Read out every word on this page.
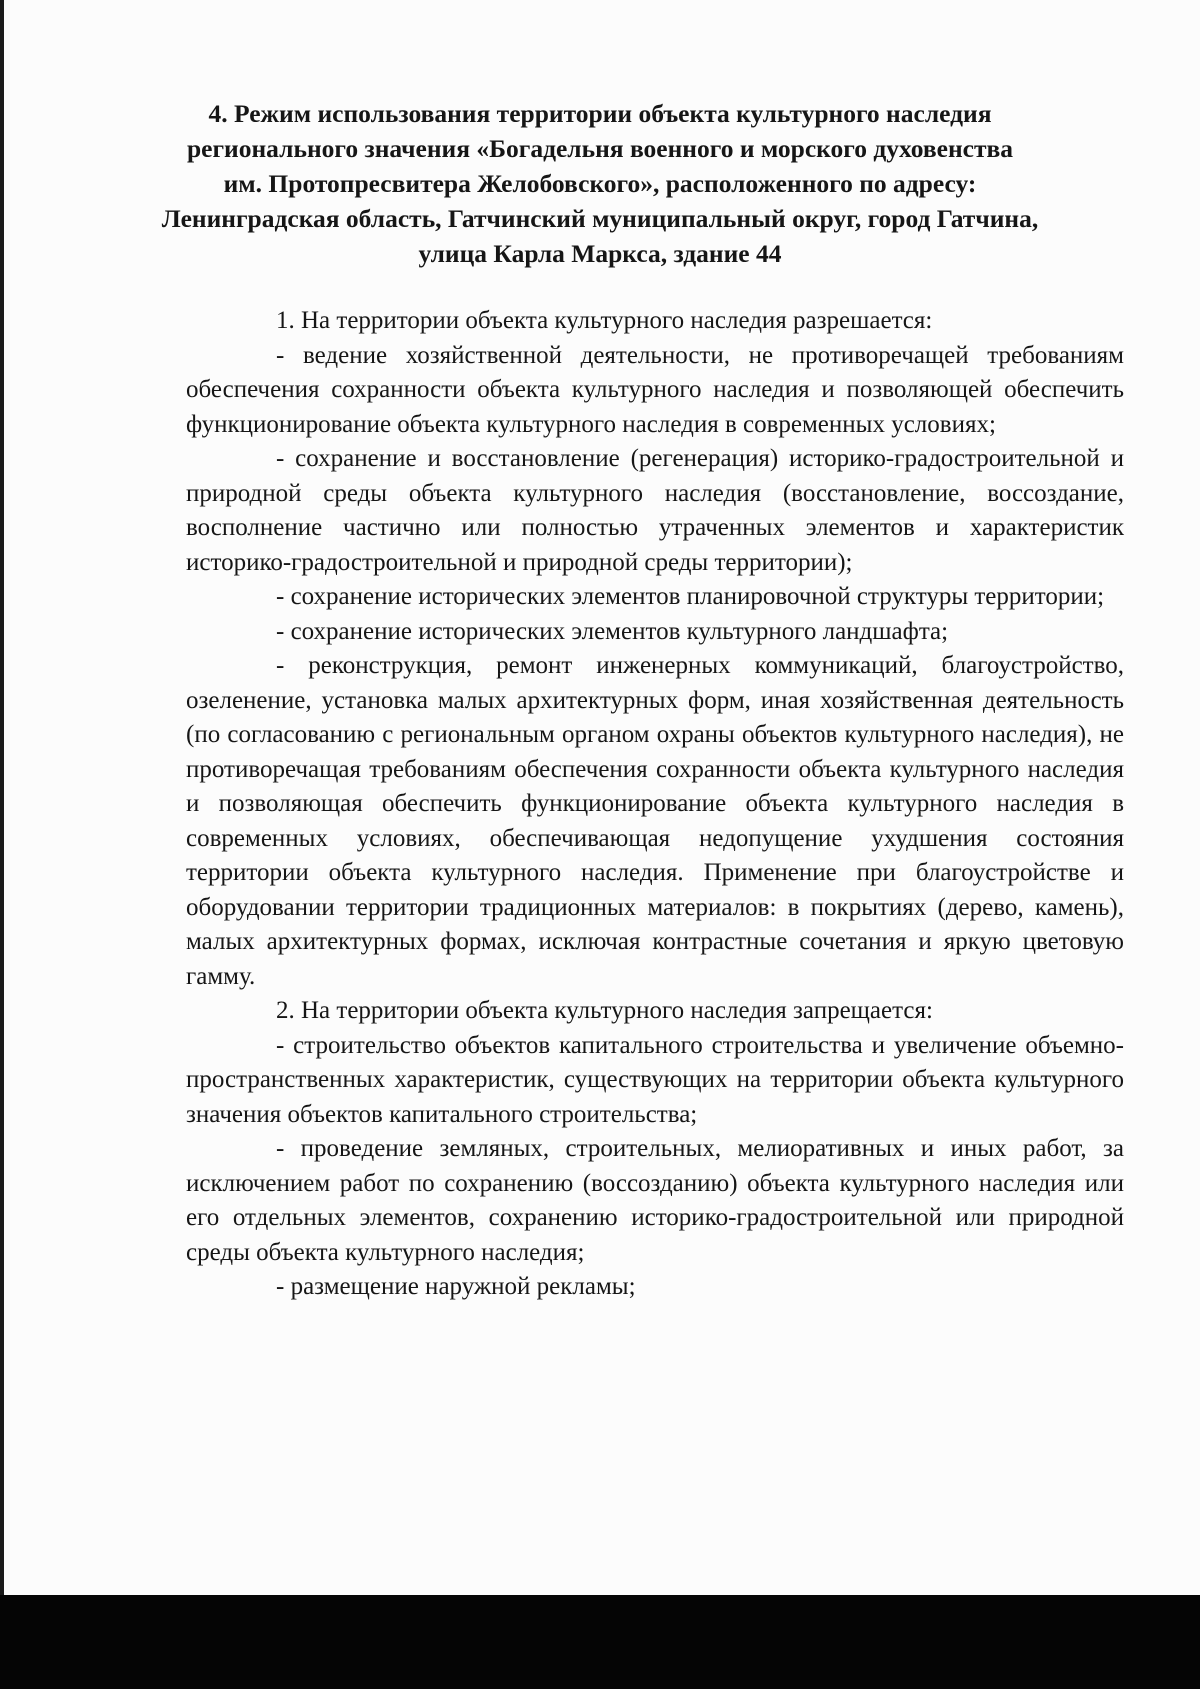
4. Режим использования территории объекта культурного наследия
регионального значения «Богадельня военного и морского духовенства
им. Протопресвитера Желобовского», расположенного по адресу:
Ленинградская область, Гатчинский муниципальный округ, город Гатчина,
улица Карла Маркса, здание 44

1. На территории объекта культурного наследия разрешается:

- ведение хозяйственной деятельности, не противоречащей требованиям обеспечения сохранности объекта культурного наследия и позволяющей обеспечить функционирование объекта культурного наследия в современных условиях;

- сохранение и восстановление (регенерация) историко-градостроительной и природной среды объекта культурного наследия (восстановление, воссоздание, восполнение частично или полностью утраченных элементов и характеристик историко-градостроительной и природной среды территории);

- сохранение исторических элементов планировочной структуры территории;

- сохранение исторических элементов культурного ландшафта;

- реконструкция, ремонт инженерных коммуникаций, благоустройство, озеленение, установка малых архитектурных форм, иная хозяйственная деятельность (по согласованию с региональным органом охраны объектов культурного наследия), не противоречащая требованиям обеспечения сохранности объекта культурного наследия и позволяющая обеспечить функционирование объекта культурного наследия в современных условиях, обеспечивающая недопущение ухудшения состояния территории объекта культурного наследия. Применение при благоустройстве и оборудовании территории традиционных материалов: в покрытиях (дерево, камень), малых архитектурных формах, исключая контрастные сочетания и яркую цветовую гамму.

2. На территории объекта культурного наследия запрещается:

- строительство объектов капитального строительства и увеличение объемно-пространственных характеристик, существующих на территории объекта культурного значения объектов капитального строительства;

- проведение земляных, строительных, мелиоративных и иных работ, за исключением работ по сохранению (воссозданию) объекта культурного наследия или его отдельных элементов, сохранению историко-градостроительной или природной среды объекта культурного наследия;

- размещение наружной рекламы;
